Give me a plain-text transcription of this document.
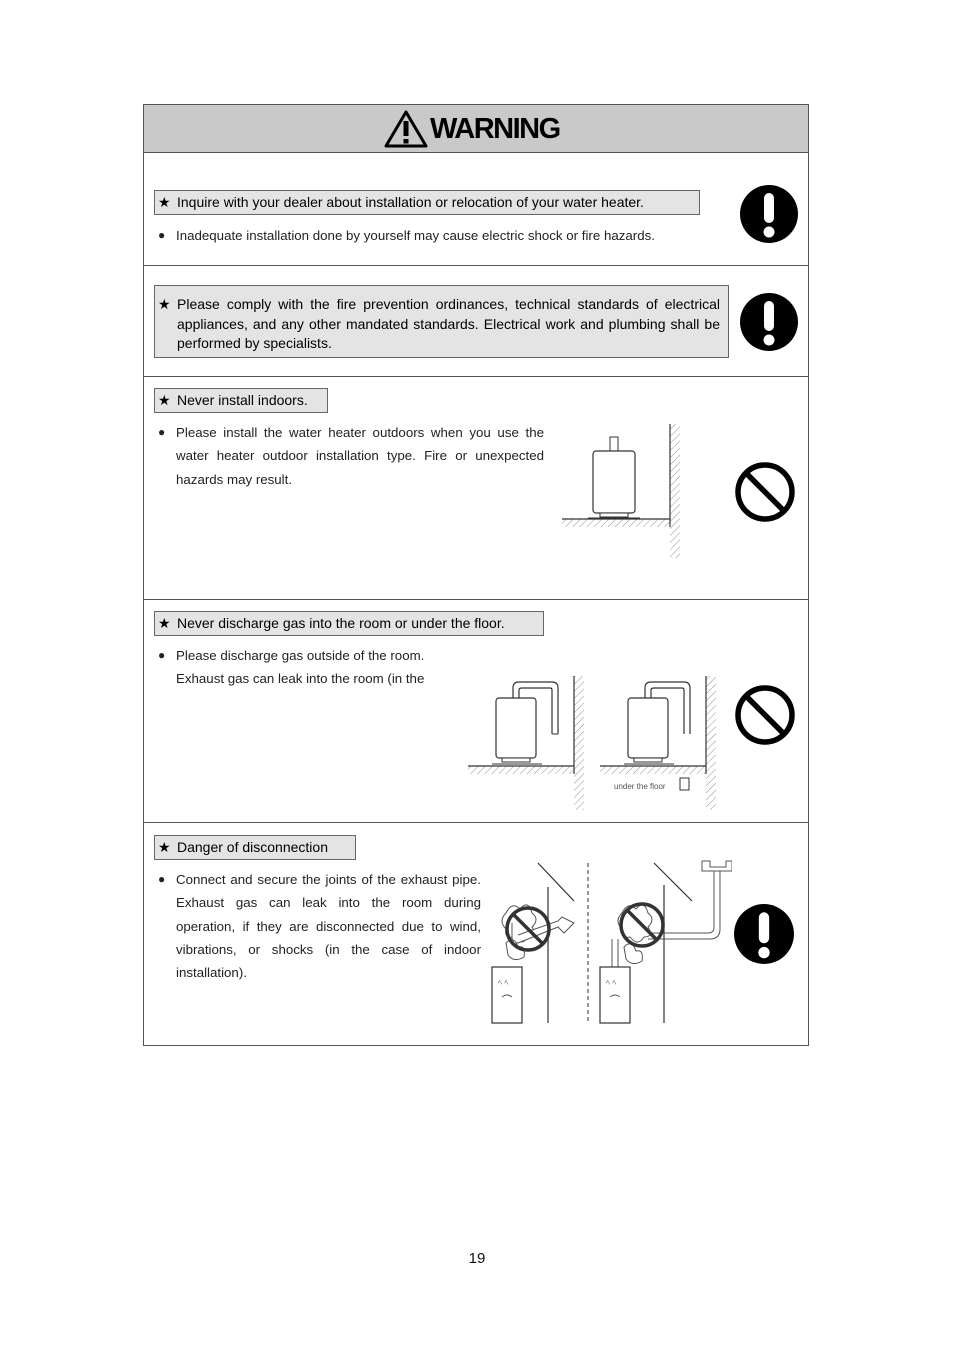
WARNING
★ Inquire with your dealer about installation or relocation of your water heater.
● Inadequate installation done by yourself may cause electric shock or fire hazards.
★ Please comply with the fire prevention ordinances, technical standards of electrical appliances, and any other mandated standards. Electrical work and plumbing shall be performed by specialists.
★ Never install indoors.
● Please install the water heater outdoors when you use the water heater outdoor installation type. Fire or unexpected hazards may result.
★ Never discharge gas into the room or under the floor.
● Please discharge gas outside of the room.
Exhaust gas can leak into the room (in the
under the floor
★ Danger of disconnection
● Connect and secure the joints of the exhaust pipe. Exhaust gas can leak into the room during operation, if they are disconnected due to wind, vibrations, or shocks (in the case of indoor installation).
ﾍ ﾍ	ﾍ ﾍ
19
